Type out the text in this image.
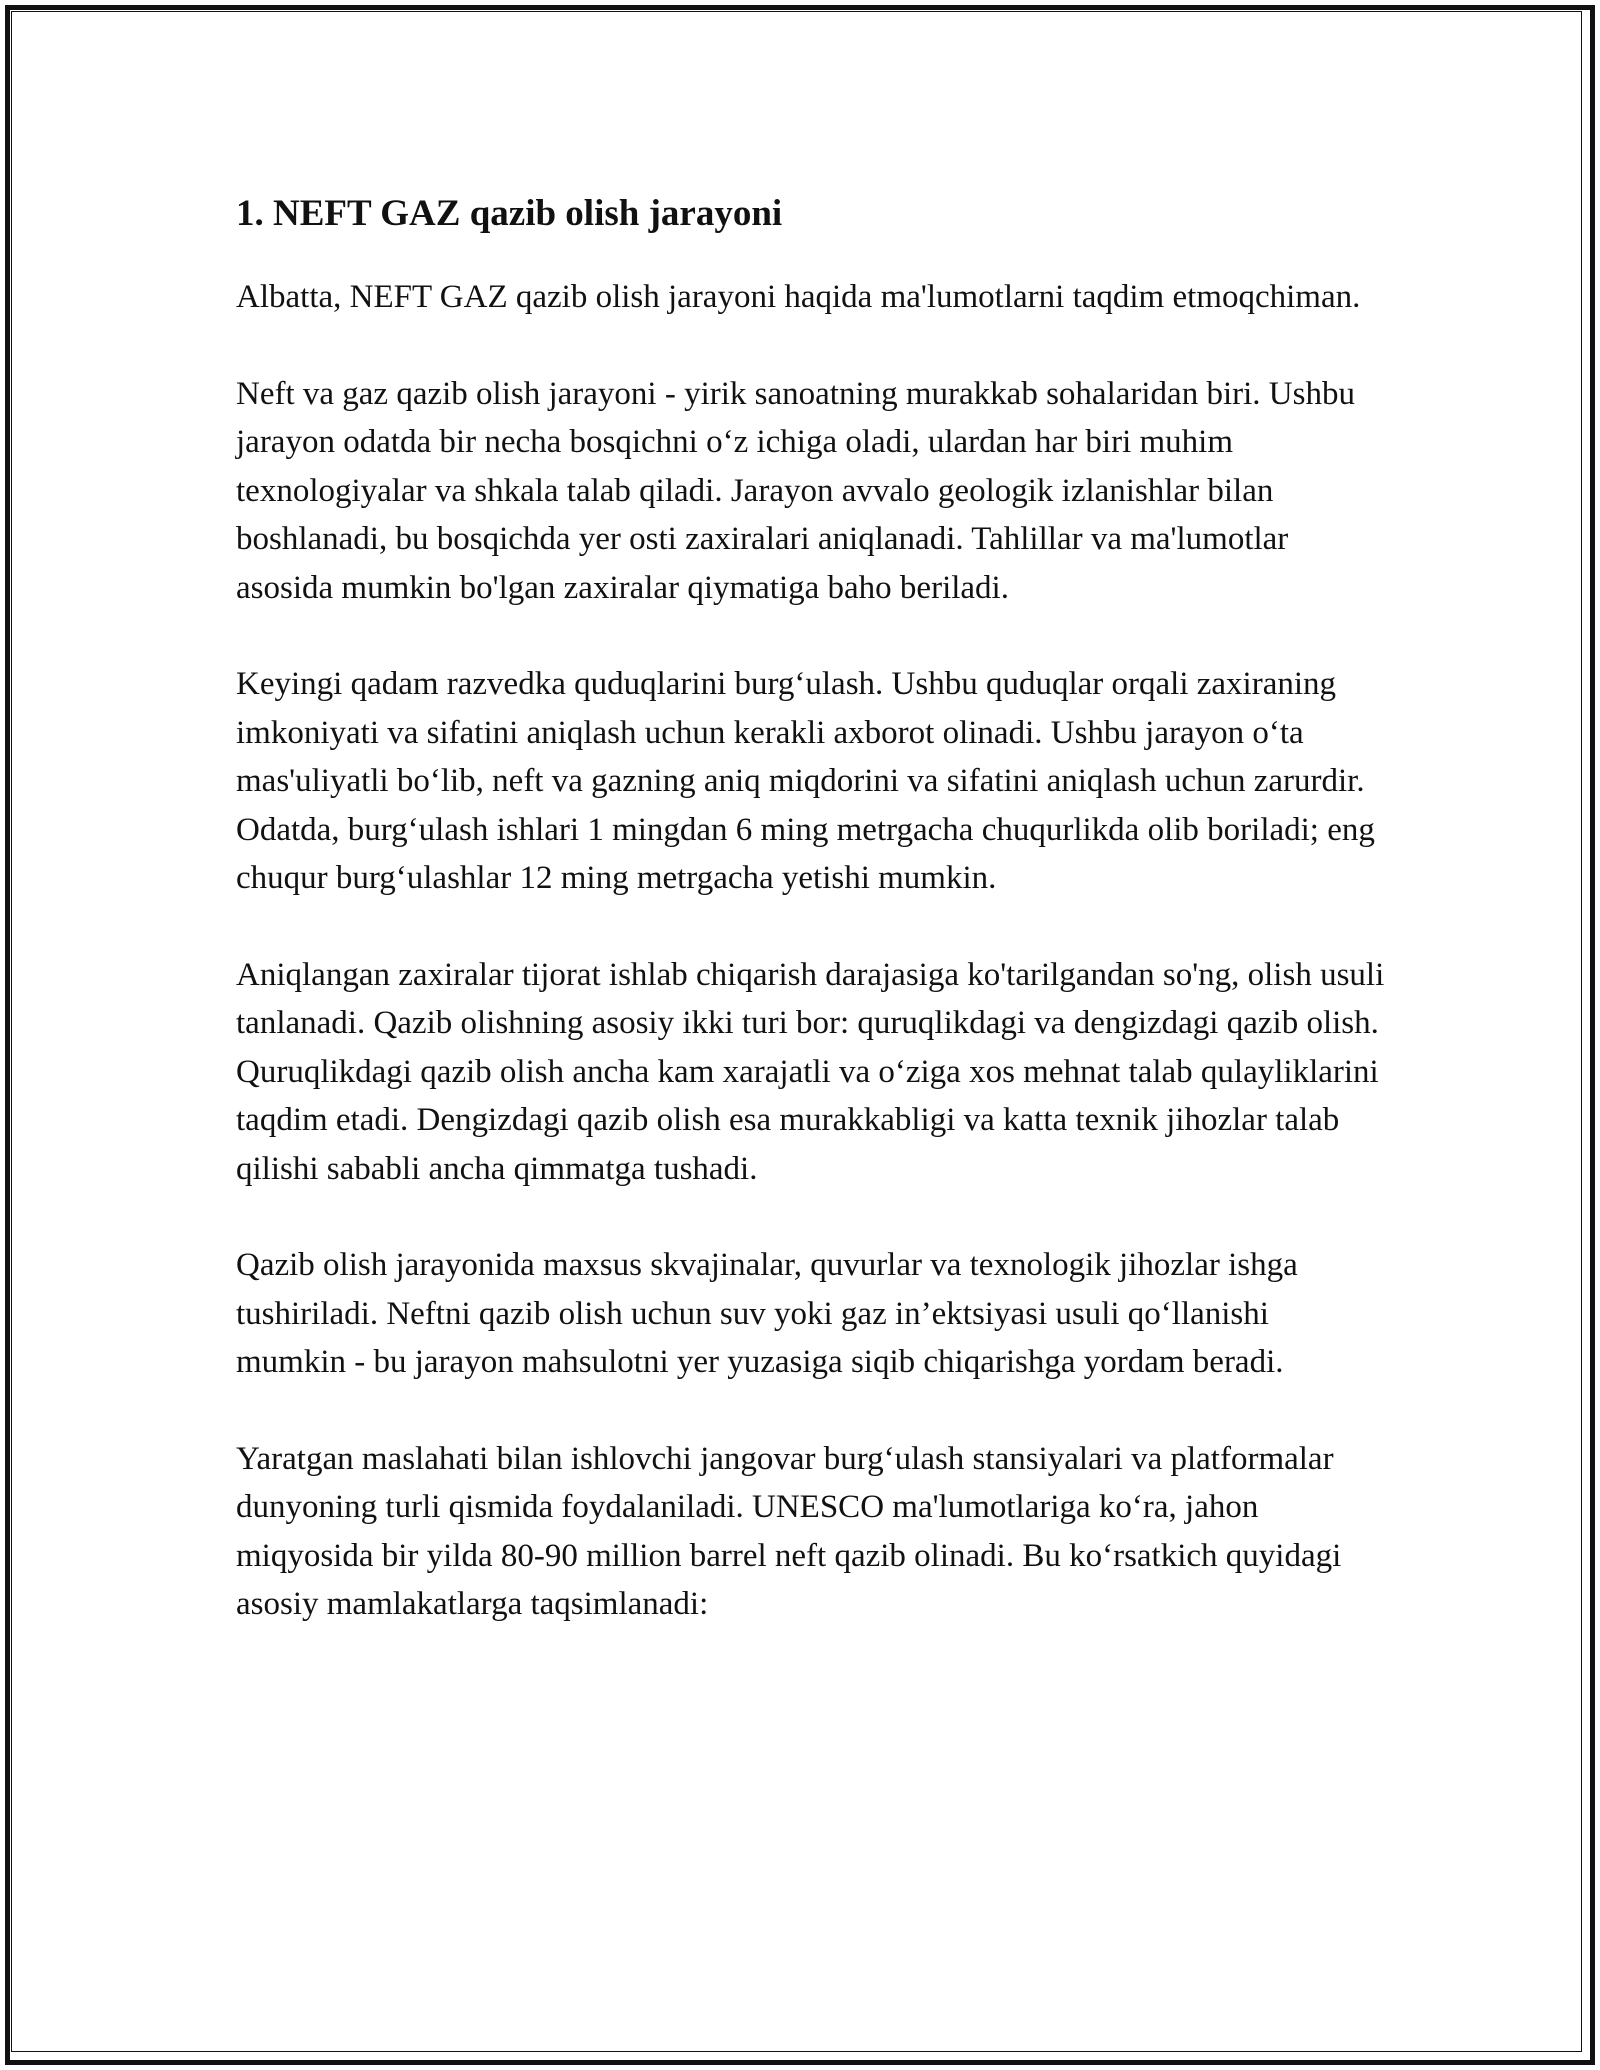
1. NEFT GAZ qazib olish jarayoni

Albatta, NEFT GAZ qazib olish jarayoni haqida ma'lumotlarni taqdim etmoqchiman.

Neft va gaz qazib olish jarayoni - yirik sanoatning murakkab sohalaridan biri. Ushbu jarayon odatda bir necha bosqichni o‘z ichiga oladi, ulardan har biri muhim texnologiyalar va shkala talab qiladi. Jarayon avvalo geologik izlanishlar bilan boshlanadi, bu bosqichda yer osti zaxiralari aniqlanadi. Tahlillar va ma'lumotlar asosida mumkin bo'lgan zaxiralar qiymatiga baho beriladi.

Keyingi qadam razvedka quduqlarini burg‘ulash. Ushbu quduqlar orqali zaxiraning imkoniyati va sifatini aniqlash uchun kerakli axborot olinadi. Ushbu jarayon o‘ta mas'uliyatli bo‘lib, neft va gazning aniq miqdorini va sifatini aniqlash uchun zarurdir. Odatda, burg‘ulash ishlari 1 mingdan 6 ming metrgacha chuqurlikda olib boriladi; eng chuqur burg‘ulashlar 12 ming metrgacha yetishi mumkin.

Aniqlangan zaxiralar tijorat ishlab chiqarish darajasiga ko'tarilgandan so'ng, olish usuli tanlanadi. Qazib olishning asosiy ikki turi bor: quruqlikdagi va dengizdagi qazib olish. Quruqlikdagi qazib olish ancha kam xarajatli va o‘ziga xos mehnat talab qulayliklarini taqdim etadi. Dengizdagi qazib olish esa murakkabligi va katta texnik jihozlar talab qilishi sababli ancha qimmatga tushadi.

Qazib olish jarayonida maxsus skvajinalar, quvurlar va texnologik jihozlar ishga tushiriladi. Neftni qazib olish uchun suv yoki gaz in’ektsiyasi usuli qo‘llanishi mumkin - bu jarayon mahsulotni yer yuzasiga siqib chiqarishga yordam beradi.

Yaratgan maslahati bilan ishlovchi jangovar burg‘ulash stansiyalari va platformalar dunyoning turli qismida foydalaniladi. UNESCO ma'lumotlariga ko‘ra, jahon miqyosida bir yilda 80-90 million barrel neft qazib olinadi. Bu ko‘rsatkich quyidagi asosiy mamlakatlarga taqsimlanadi:
